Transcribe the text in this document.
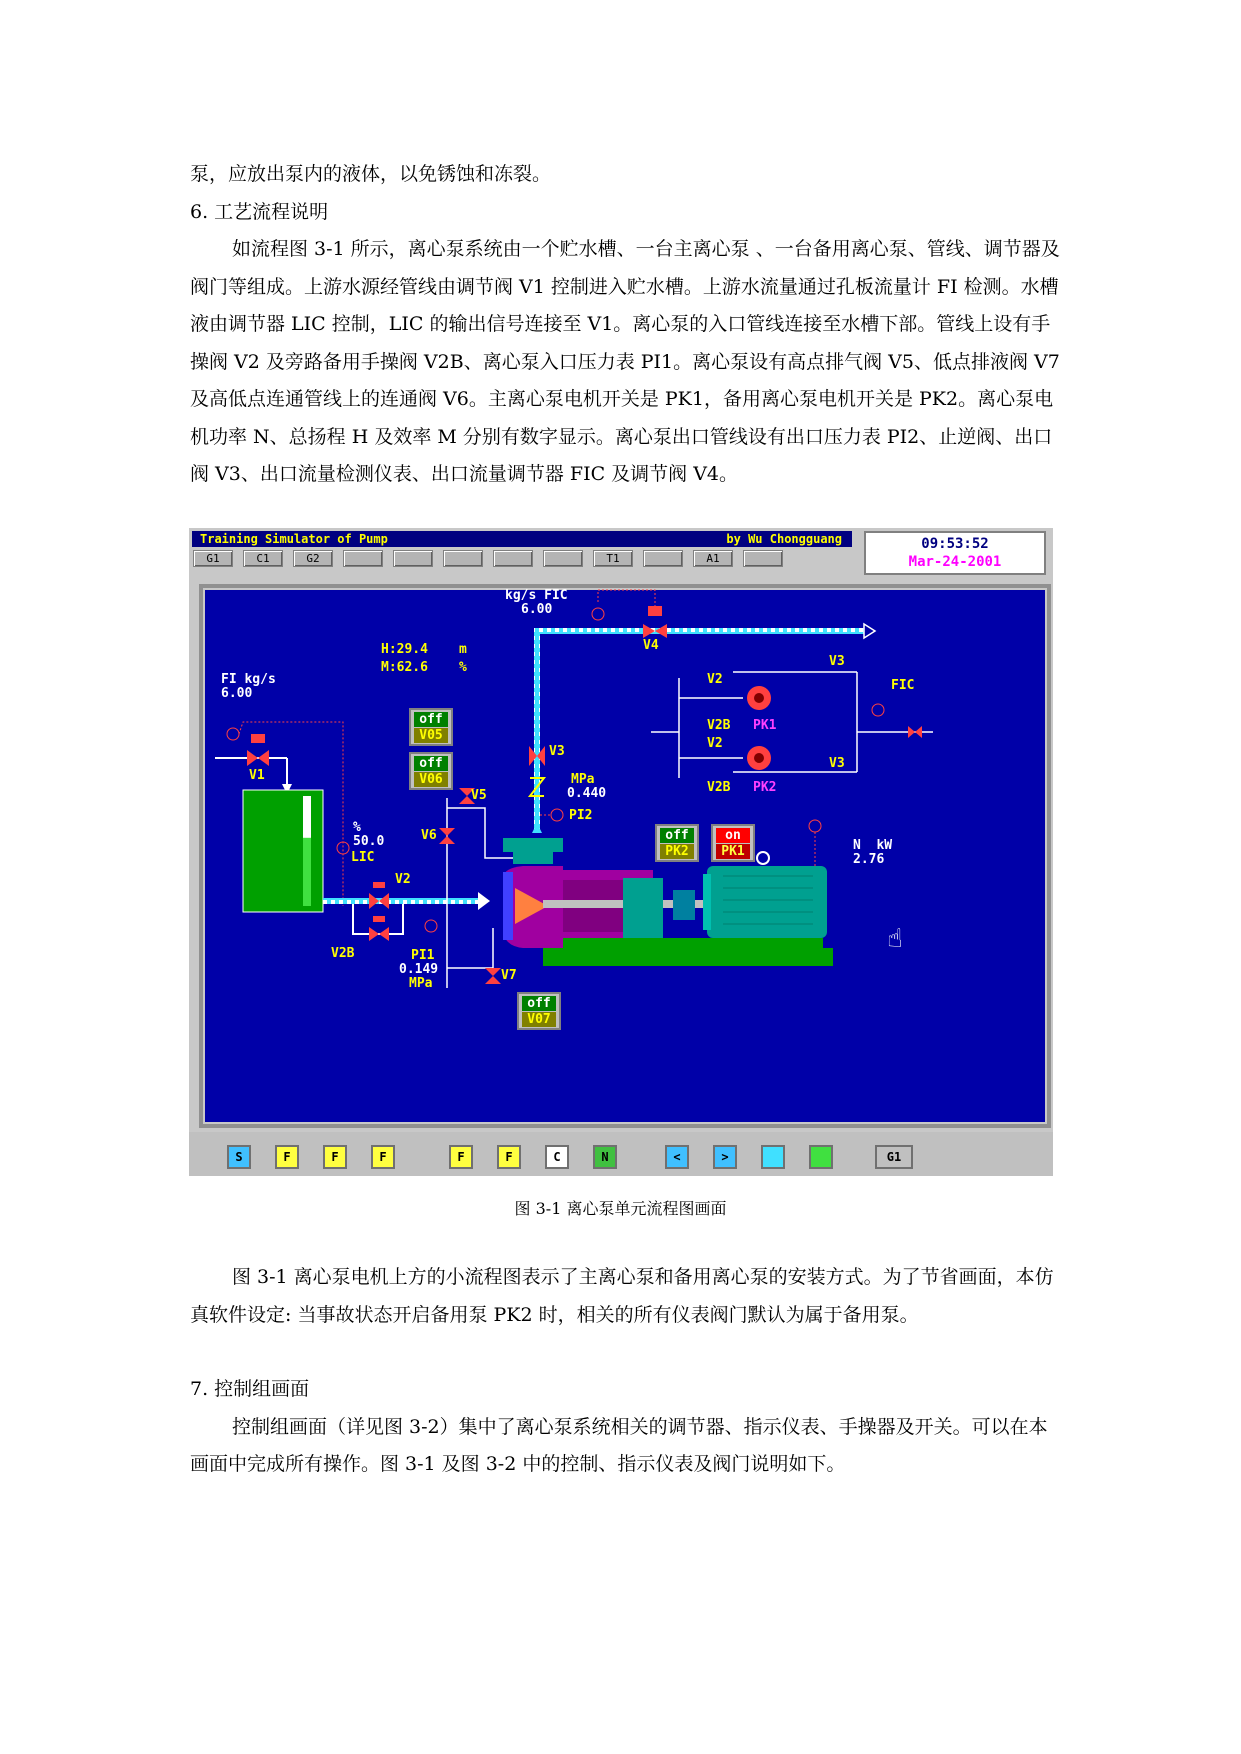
泵，应放出泵内的液体，以免锈蚀和冻裂。

6. 工艺流程说明

如流程图 3-1 所示，离心泵系统由一个贮水槽、一台主离心泵 、一台备用离心泵、管线、调节器及阀门等组成。上游水源经管线由调节阀 V1 控制进入贮水槽。上游水流量通过孔板流量计 FI 检测。水槽液由调节器 LIC 控制，LIC 的输出信号连接至 V1。离心泵的入口管线连接至水槽下部。管线上设有手操阀 V2 及旁路备用手操阀 V2B、离心泵入口压力表 PI1。离心泵设有高点排气阀 V5、低点排液阀 V7 及高低点连通管线上的连通阀 V6。主离心泵电机开关是 PK1，备用离心泵电机开关是 PK2。离心泵电机功率 N、总扬程 H 及效率 M 分别有数字显示。离心泵出口管线设有出口压力表 PI2、止逆阀、出口阀 V3、出口流量检测仪表、出口流量调节器 FIC 及调节阀 V4。

Training Simulator of Pump	by Wu Chongguang
G1	C1	G2	T1	A1
09:53:52
Mar-24-2001
kg/s FIC
6.00
V4
H:29.4 m
M:62.6 %
FI kg/s
6.00
V1
V3
MPa
0.440
PI2
V5
V6
%
50.0
LIC
V2
V2B	PI1
0.149
MPa
V7
N  kW
2.76
V2
V2B PK1
V3
FIC
V2
V2B PK2
V3
off
V05
off
V06
off
PK2
on
PK1
off
V07
☝
S	F	F	F	F	F	C	N	<	>	G1
图 3-1 离心泵单元流程图画面

图 3-1 离心泵电机上方的小流程图表示了主离心泵和备用离心泵的安装方式。为了节省画面，本仿真软件设定: 当事故状态开启备用泵 PK2 时，相关的所有仪表阀门默认为属于备用泵。

7. 控制组画面

控制组画面（详见图 3-2）集中了离心泵系统相关的调节器、指示仪表、手操器及开关。可以在本画面中完成所有操作。图 3-1 及图 3-2 中的控制、指示仪表及阀门说明如下。
